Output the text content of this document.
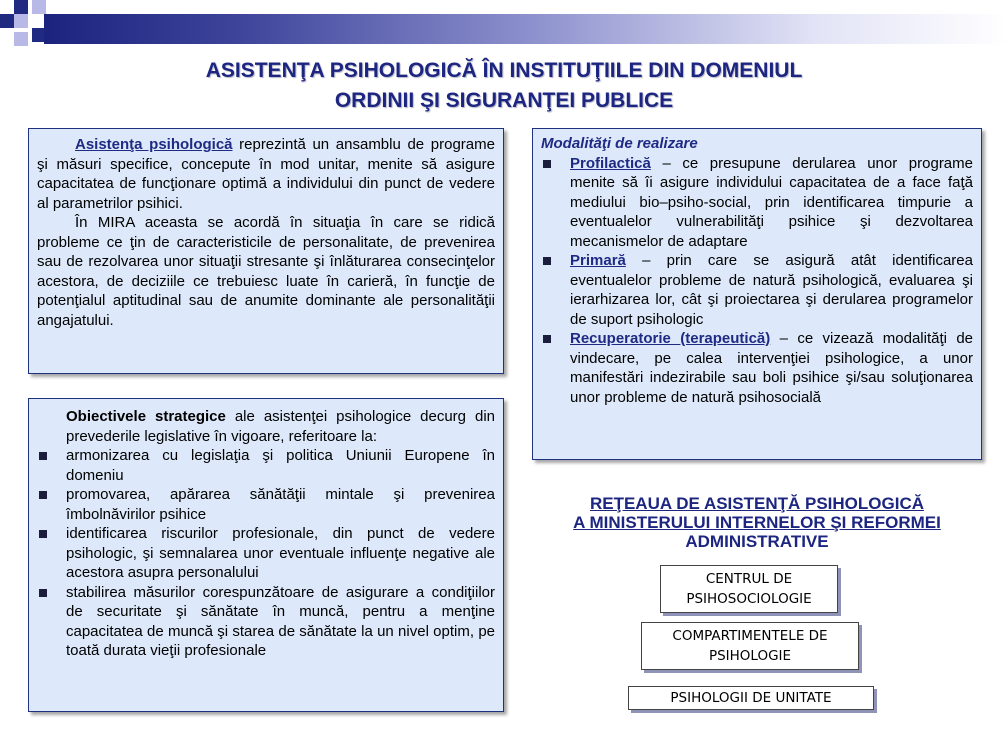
ASISTENŢA PSIHOLOGICĂ ÎN INSTITUŢIILE DIN DOMENIUL
ORDINII ŞI SIGURANŢEI PUBLICE

Asistenţa psihologică reprezintă un ansamblu de programe şi măsuri specifice, concepute în mod unitar, menite să asigure capacitatea de funcţionare optimă a individului din punct de vedere al parametrilor psihici.

În MIRA aceasta se acordă în situaţia în care se ridică probleme ce ţin de caracteristicile de personalitate, de prevenirea sau de rezolvarea unor situaţii stresante şi înlăturarea consecinţelor acestora, de deciziile ce trebuiesc luate în carieră, în funcţie de potenţialul aptitudinal sau de anumite dominante ale personalităţii angajatului.

Obiectivele strategice ale asistenţei psihologice decurg din prevederile legislative în vigoare, referitoare la:

armonizarea cu legislaţia şi politica Uniunii Europene în domeniu
promovarea, apărarea sănătăţii mintale şi prevenirea îmbolnăvirilor psihice
identificarea riscurilor profesionale, din punct de vedere psihologic, şi semnalarea unor eventuale influenţe negative ale acestora asupra personalului
stabilirea măsurilor corespunzătoare de asigurare a condiţiilor de securitate şi sănătate în muncă, pentru a menţine capacitatea de muncă şi starea de sănătate la un nivel optim, pe toată durata vieţii profesionale

Modalităţi de realizare

Profilactică – ce presupune derularea unor programe menite să îi asigure individului capacitatea de a face faţă mediului bio–psiho-social, prin identificarea timpurie a eventualelor vulnerabilităţi psihice şi dezvoltarea mecanismelor de adaptare
Primară – prin care se asigură atât identificarea eventualelor probleme de natură psihologică, evaluarea şi ierarhizarea lor, cât şi proiectarea şi derularea programelor de suport psihologic
Recuperatorie (terapeutică) – ce vizează modalităţi de vindecare, pe calea intervenţiei psihologice, a unor manifestări indezirabile sau boli psihice şi/sau soluţionarea unor probleme de natură psihosocială
REŢEAUA DE ASISTENŢĂ PSIHOLOGICĂ
A MINISTERULUI INTERNELOR ŞI REFORMEI
ADMINISTRATIVE
CENTRUL DE
PSIHOSOCIOLOGIE
COMPARTIMENTELE DE
PSIHOLOGIE
PSIHOLOGII DE UNITATE
